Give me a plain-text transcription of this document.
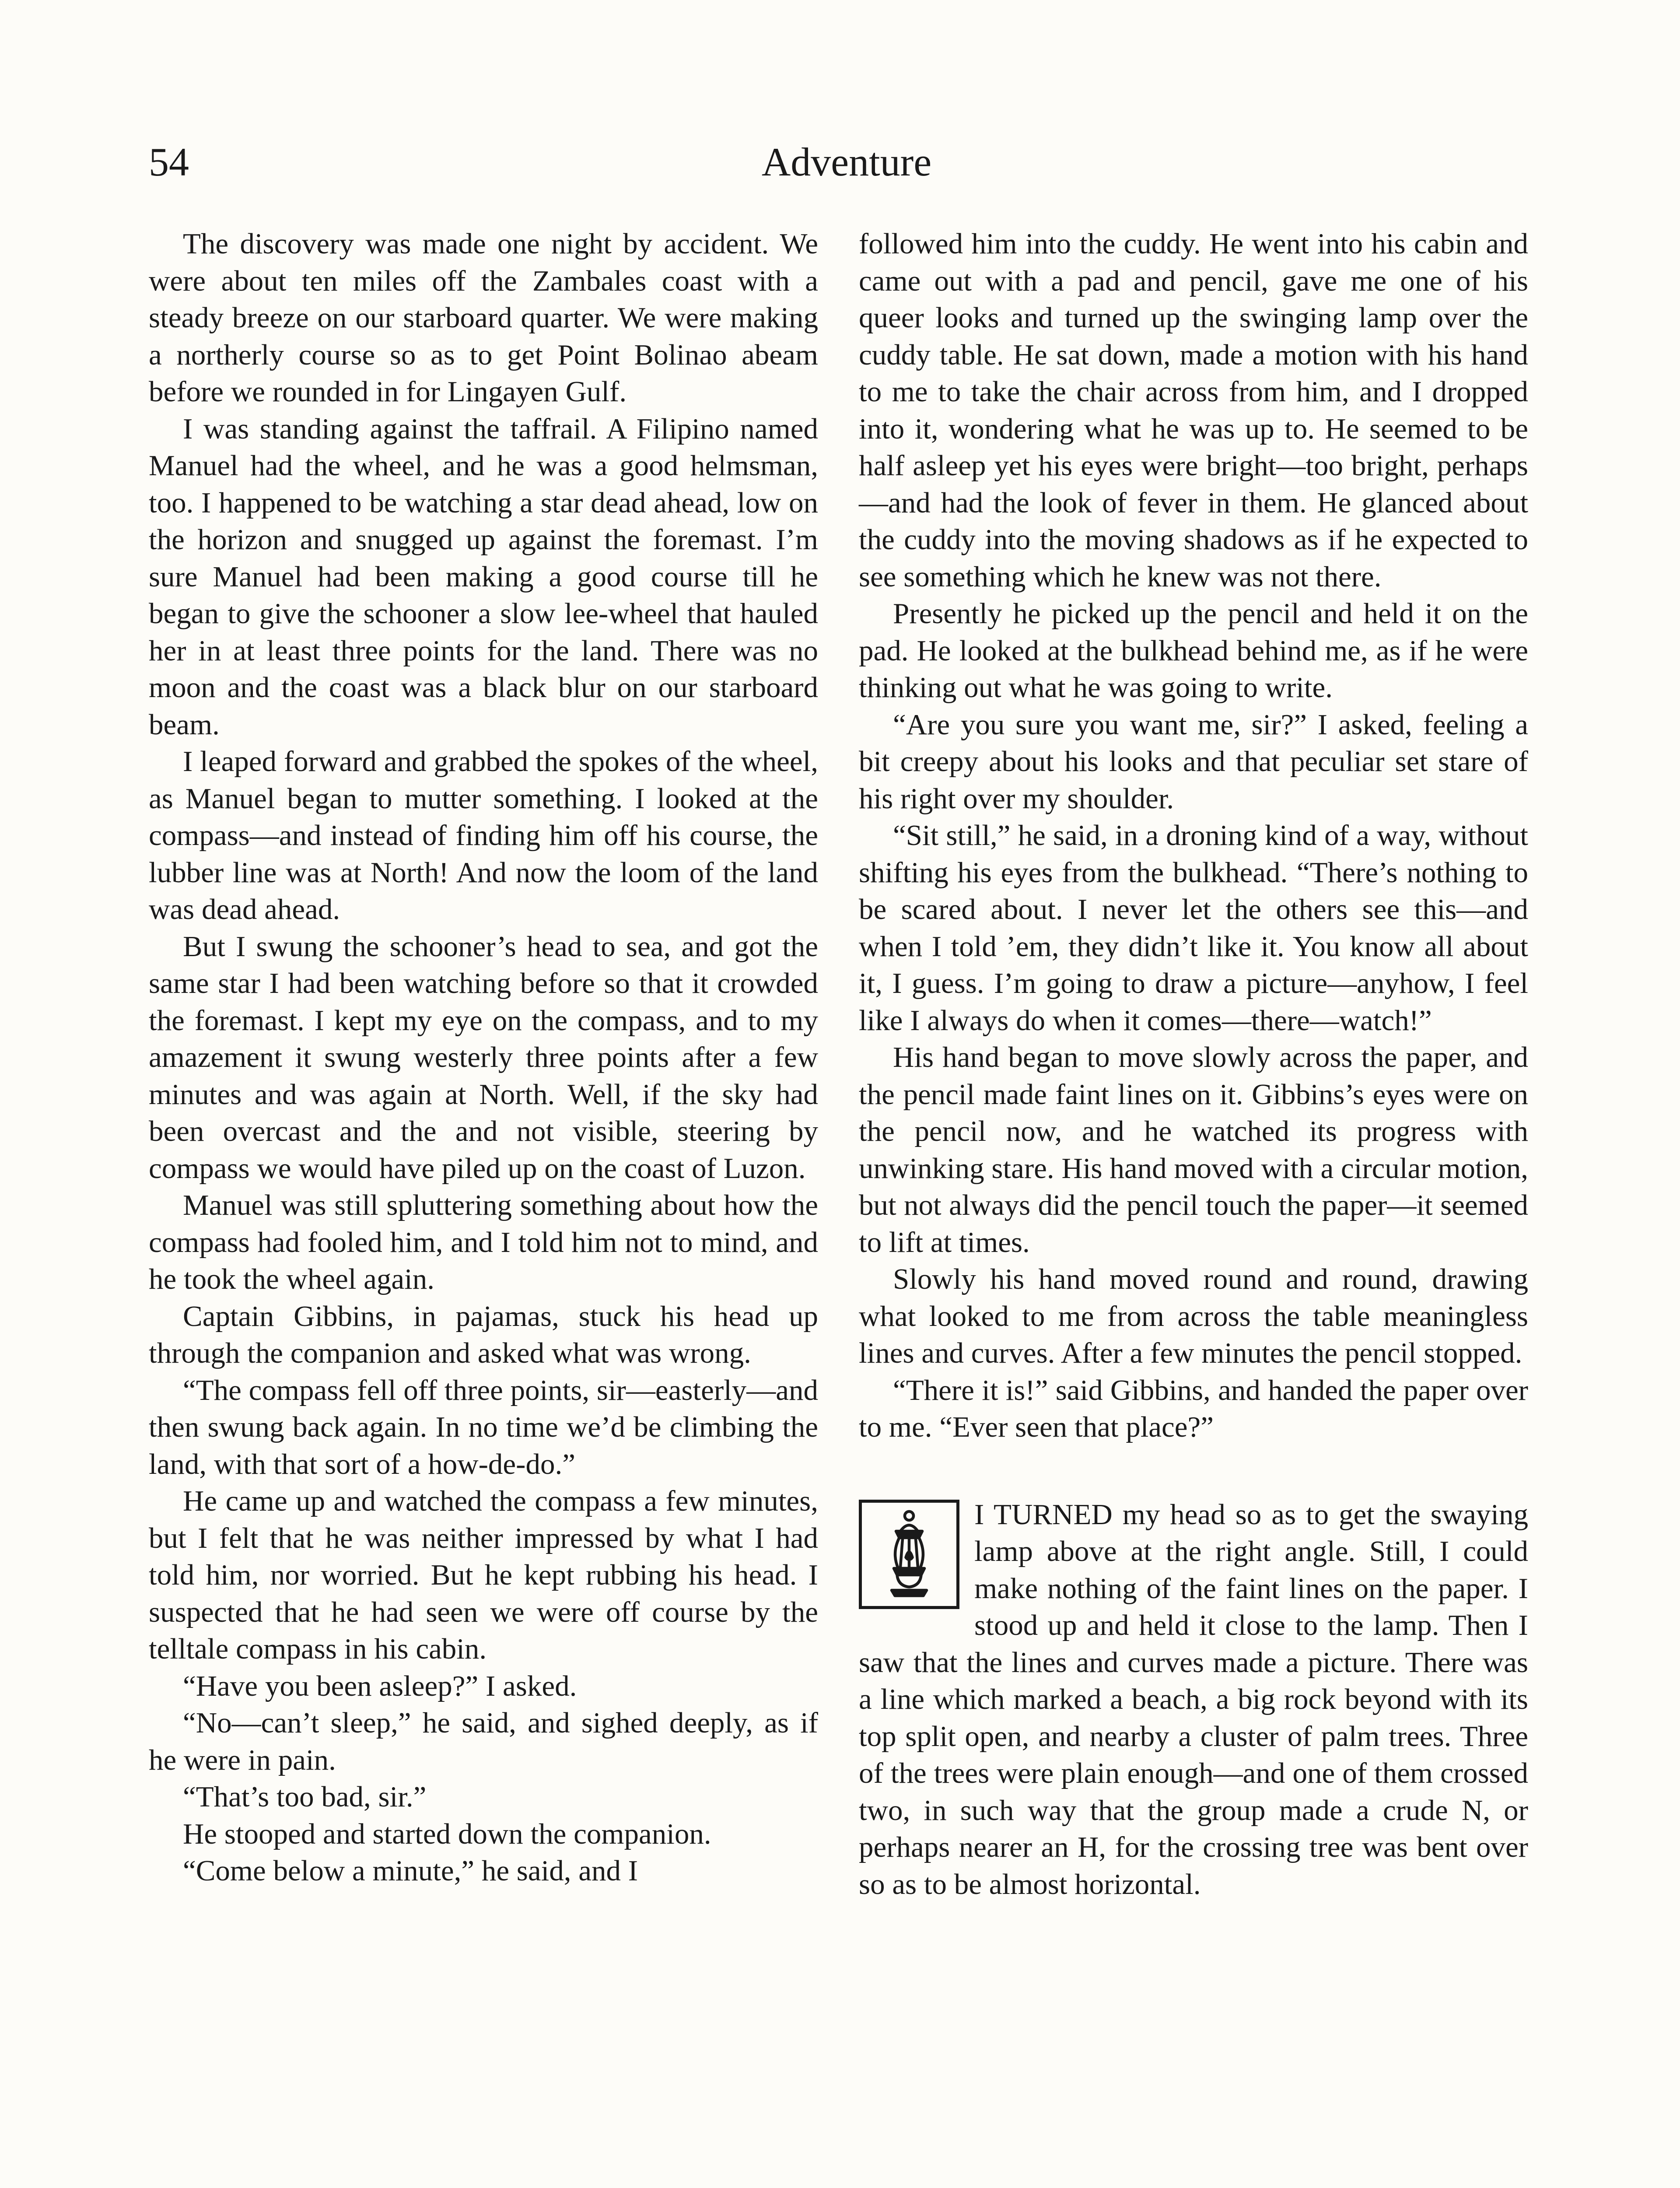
54	Adventure

The discovery was made one night by accident. We were about ten miles off the Zambales coast with a steady breeze on our starboard quarter. We were making a northerly course so as to get Point Bolinao abeam before we rounded in for Lingayen Gulf.

I was standing against the taffrail. A Filipino named Manuel had the wheel, and he was a good helmsman, too. I happened to be watching a star dead ahead, low on the horizon and snugged up against the foremast. I’m sure Manuel had been making a good course till he began to give the schooner a slow lee-wheel that hauled her in at least three points for the land. There was no moon and the coast was a black blur on our starboard beam.

I leaped forward and grabbed the spokes of the wheel, as Manuel began to mutter something. I looked at the compass—and instead of finding him off his course, the lubber line was at North! And now the loom of the land was dead ahead.

But I swung the schooner’s head to sea, and got the same star I had been watching before so that it crowded the foremast. I kept my eye on the compass, and to my amazement it swung westerly three points after a few minutes and was again at North. Well, if the sky had been overcast and the and not visible, steering by compass we would have piled up on the coast of Luzon.

Manuel was still spluttering something about how the compass had fooled him, and I told him not to mind, and he took the wheel again.

Captain Gibbins, in pajamas, stuck his head up through the companion and asked what was wrong.

“The compass fell off three points, sir—easterly—and then swung back again. In no time we’d be climbing the land, with that sort of a how-de-do.”

He came up and watched the compass a few minutes, but I felt that he was neither impressed by what I had told him, nor worried. But he kept rubbing his head. I suspected that he had seen we were off course by the telltale compass in his cabin.

“Have you been asleep?” I asked.

“No—can’t sleep,” he said, and sighed deeply, as if he were in pain.

“That’s too bad, sir.”

He stooped and started down the companion.

“Come below a minute,” he said, and I

followed him into the cuddy. He went into his cabin and came out with a pad and pencil, gave me one of his queer looks and turned up the swinging lamp over the cuddy table. He sat down, made a motion with his hand to me to take the chair across from him, and I dropped into it, wondering what he was up to. He seemed to be half asleep yet his eyes were bright—too bright, perhaps—and had the look of fever in them. He glanced about the cuddy into the moving shadows as if he expected to see something which he knew was not there.

Presently he picked up the pencil and held it on the pad. He looked at the bulkhead behind me, as if he were thinking out what he was going to write.

“Are you sure you want me, sir?” I asked, feeling a bit creepy about his looks and that peculiar set stare of his right over my shoulder.

“Sit still,” he said, in a droning kind of a way, without shifting his eyes from the bulkhead. “There’s nothing to be scared about. I never let the others see this—and when I told ’em, they didn’t like it. You know all about it, I guess. I’m going to draw a picture—anyhow, I feel like I always do when it comes—there—watch!”

His hand began to move slowly across the paper, and the pencil made faint lines on it. Gibbins’s eyes were on the pencil now, and he watched its progress with unwinking stare. His hand moved with a circular motion, but not always did the pencil touch the paper—it seemed to lift at times.

Slowly his hand moved round and round, drawing what looked to me from across the table meaningless lines and curves. After a few minutes the pencil stopped.

“There it is!” said Gibbins, and handed the paper over to me. “Ever seen that place?”

I TURNED my head so as to get the swaying lamp above at the right angle. Still, I could make nothing of the faint lines on the paper. I stood up and held it close to the lamp. Then I saw that the lines and curves made a picture. There was a line which marked a beach, a big rock beyond with its top split open, and nearby a cluster of palm trees. Three of the trees were plain enough—and one of them crossed two, in such way that the group made a crude N, or perhaps nearer an H, for the crossing tree was bent over so as to be almost horizontal.
